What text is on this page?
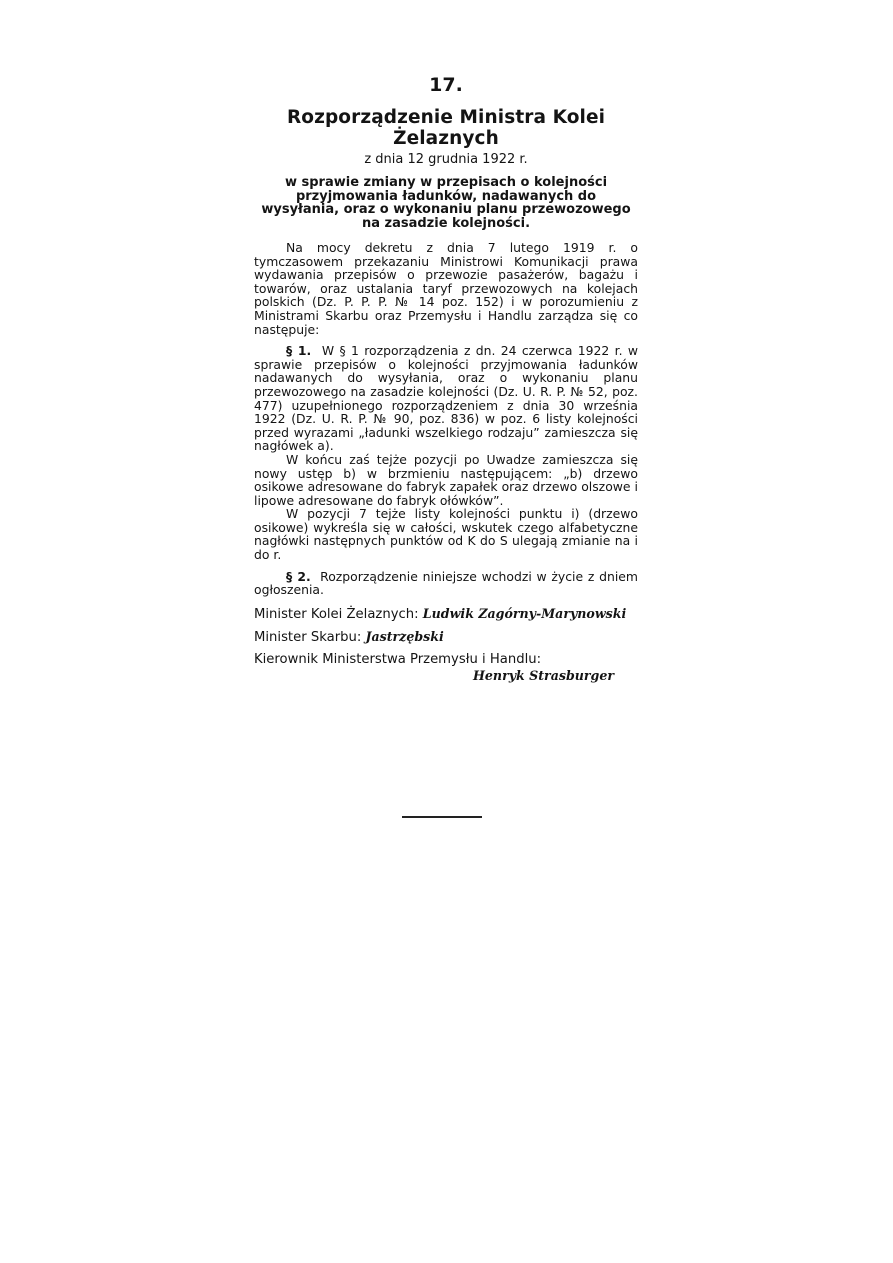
17.
Rozporządzenie Ministra Kolei Żelaznych
z dnia 12 grudnia 1922 r.
w sprawie zmiany w przepisach o kolejności przyjmowania ładunków, nadawanych do wysyłania, oraz o wykonaniu planu przewozowego na zasadzie kolejności.

Na mocy dekretu z dnia 7 lutego 1919 r. o tymczasowem przekazaniu Ministrowi Komunikacji prawa wydawania przepisów o przewozie pasażerów, bagażu i towarów, oraz ustalania taryf przewozowych na kolejach polskich (Dz. P. P. P. № 14 poz. 152) i w porozumieniu z Ministrami Skarbu oraz Przemysłu i Handlu zarządza się co następuje:

§ 1. W § 1 rozporządzenia z dn. 24 czerwca 1922 r. w sprawie przepisów o kolejności przyjmowania ładunków nadawanych do wysyłania, oraz o wykonaniu planu przewozowego na zasadzie kolejności (Dz. U. R. P. № 52, poz. 477) uzupełnionego rozporządzeniem z dnia 30 września 1922 (Dz. U. R. P. № 90, poz. 836) w poz. 6 listy kolejności przed wyrazami „ładunki wszelkiego rodzaju” zamieszcza się nagłówek a).

W końcu zaś tejże pozycji po Uwadze zamieszcza się nowy ustęp b) w brzmieniu następującem: „b) drzewo osikowe adresowane do fabryk zapałek oraz drzewo olszowe i lipowe adresowane do fabryk ołówków”.

W pozycji 7 tejże listy kolejności punktu i) (drzewo osikowe) wykreśla się w całości, wskutek czego alfabetyczne nagłówki następnych punktów od K do S ulegają zmianie na i do r.

§ 2. Rozporządzenie niniejsze wchodzi w życie z dniem ogłoszenia.

Minister Kolei Żelaznych: Ludwik Zagórny-Marynowski
Minister Skarbu: Jastrzębski
Kierownik Ministerstwa Przemysłu i Handlu:
Henryk Strasburger
